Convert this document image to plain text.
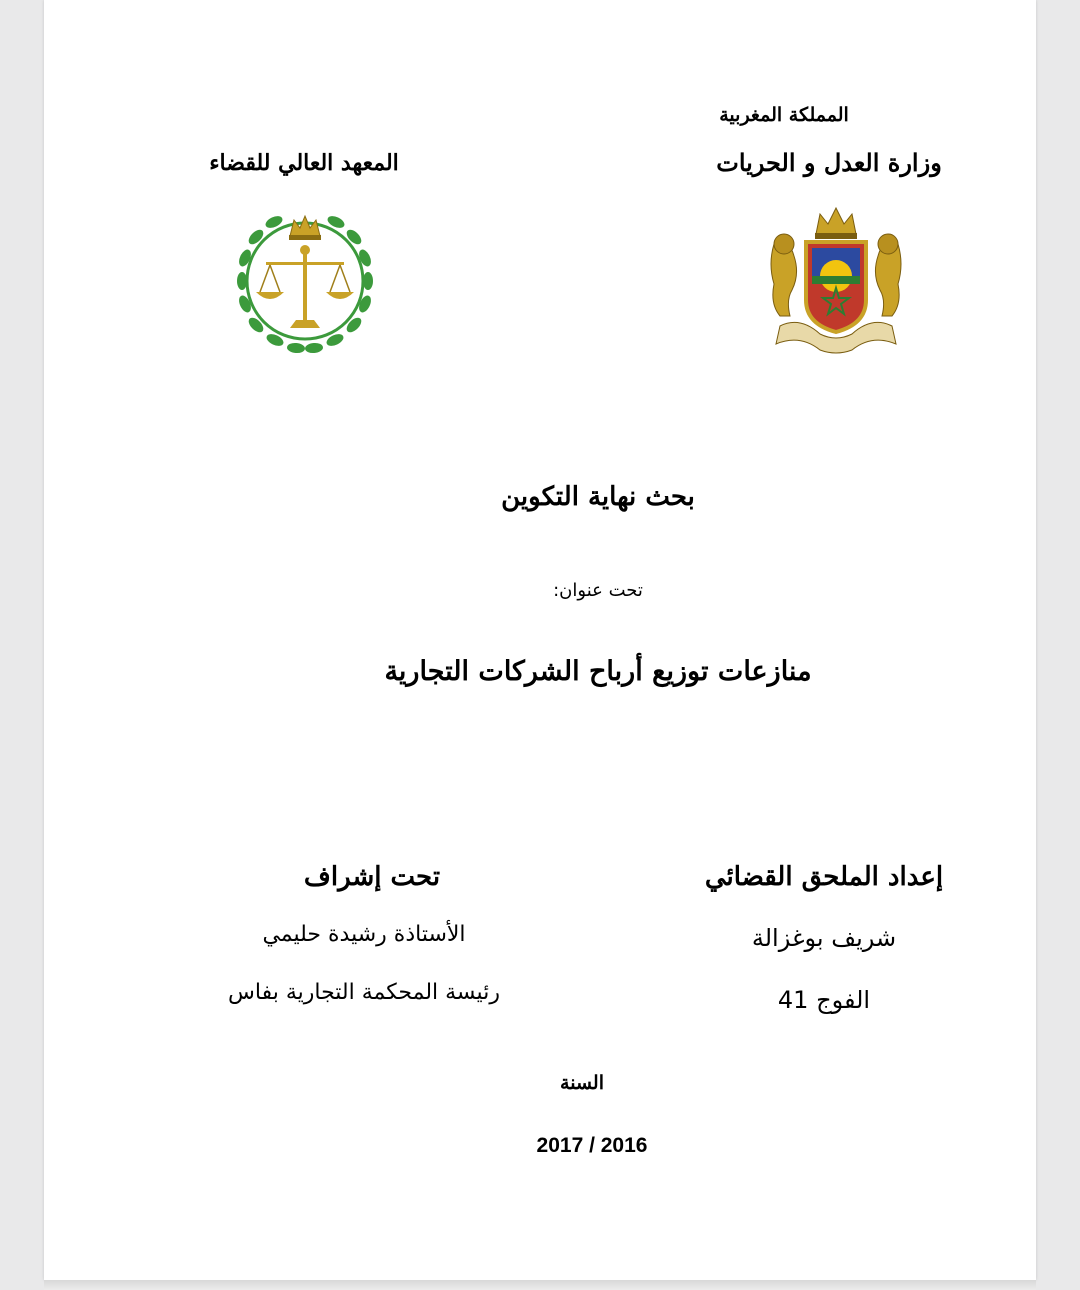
المملكة المغربية
وزارة العدل و الحريات
المعهد العالي للقضاء
بحث نهاية التكوين
تحت عنوان:
منازعات توزيع أرباح الشركات التجارية
إعداد الملحق القضائي
شريف بوغزالة
الفوج 41
تحت إشراف
الأستاذة رشيدة حليمي
رئيسة المحكمة التجارية بفاس
السنة
2017 / 2016
